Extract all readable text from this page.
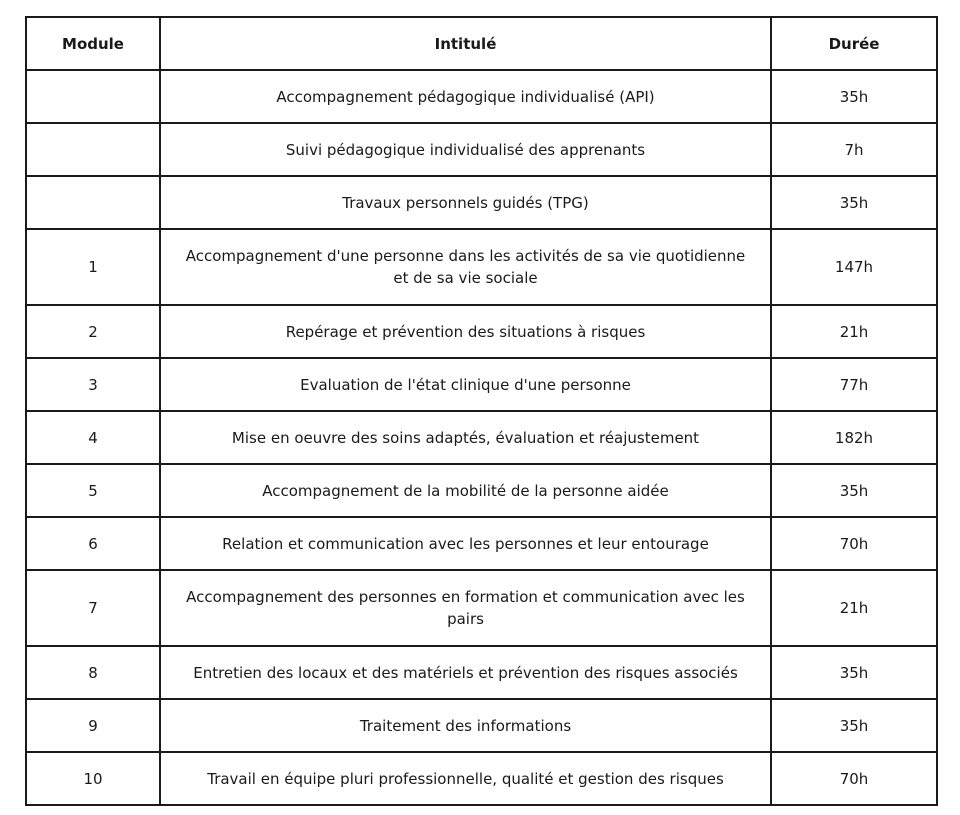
Module	Intitulé	Durée
	Accompagnement pédagogique individualisé (API)	35h
	Suivi pédagogique individualisé des apprenants	7h
	Travaux personnels guidés (TPG)	35h
1	Accompagnement d'une personne dans les activités de sa vie quotidienne et de sa vie sociale	147h
2	Repérage et prévention des situations à risques	21h
3	Evaluation de l'état clinique d'une personne	77h
4	Mise en oeuvre des soins adaptés, évaluation et réajustement	182h
5	Accompagnement de la mobilité de la personne aidée	35h
6	Relation et communication avec les personnes et leur entourage	70h
7	Accompagnement des personnes en formation et communication avec les pairs	21h
8	Entretien des locaux et des matériels et prévention des risques associés	35h
9	Traitement des informations	35h
10	Travail en équipe pluri professionnelle, qualité et gestion des risques	70h
